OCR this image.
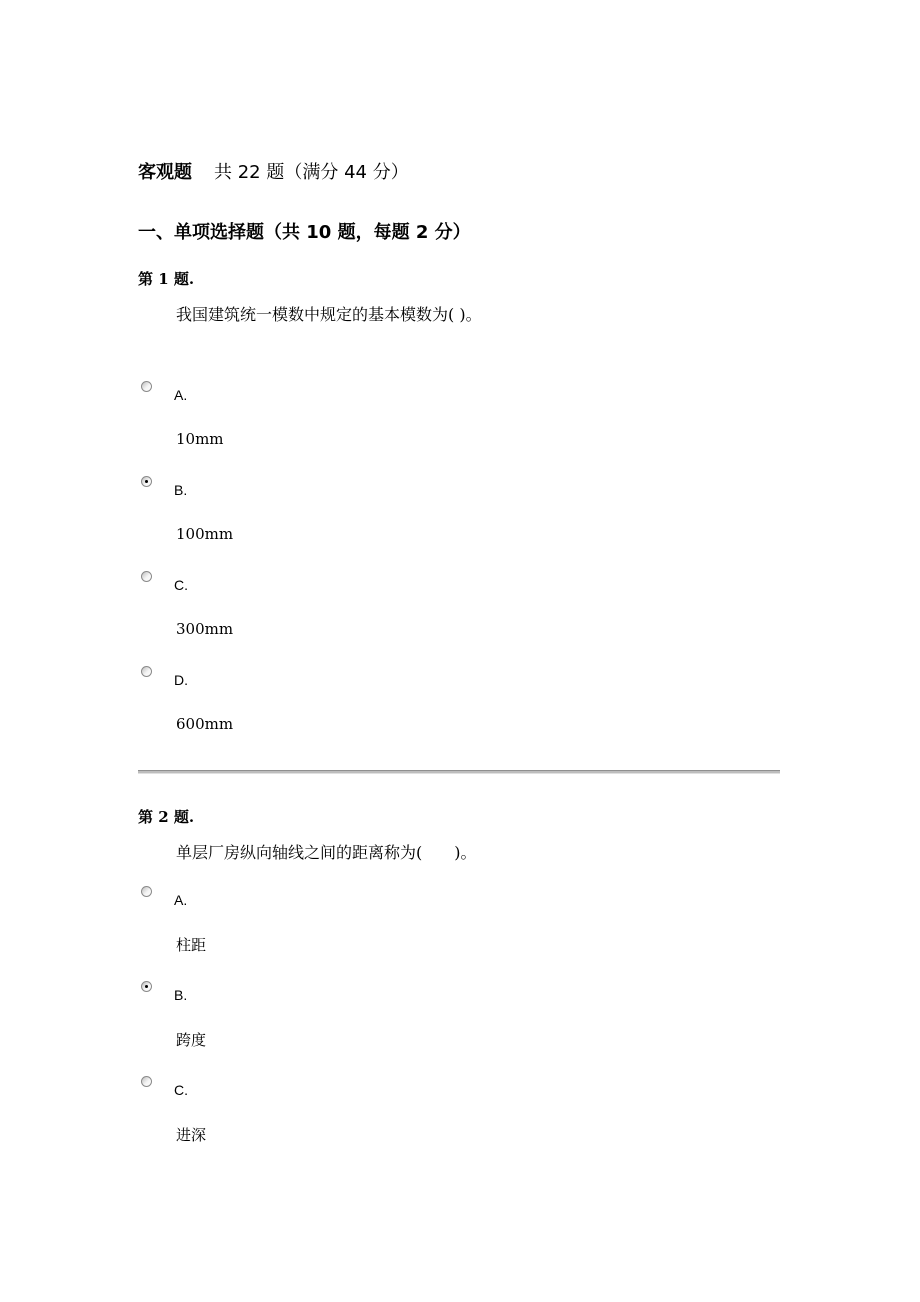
客观题 共 22 题（满分 44 分）
一、单项选择题（共 10 题，每题 2 分）
第 1 题.
我国建筑统一模数中规定的基本模数为( )。
A.
10mm
B.
100mm
C.
300mm
D.
600mm
第 2 题.
单层厂房纵向轴线之间的距离称为(　　)。
A.
柱距
B.
跨度
C.
进深
